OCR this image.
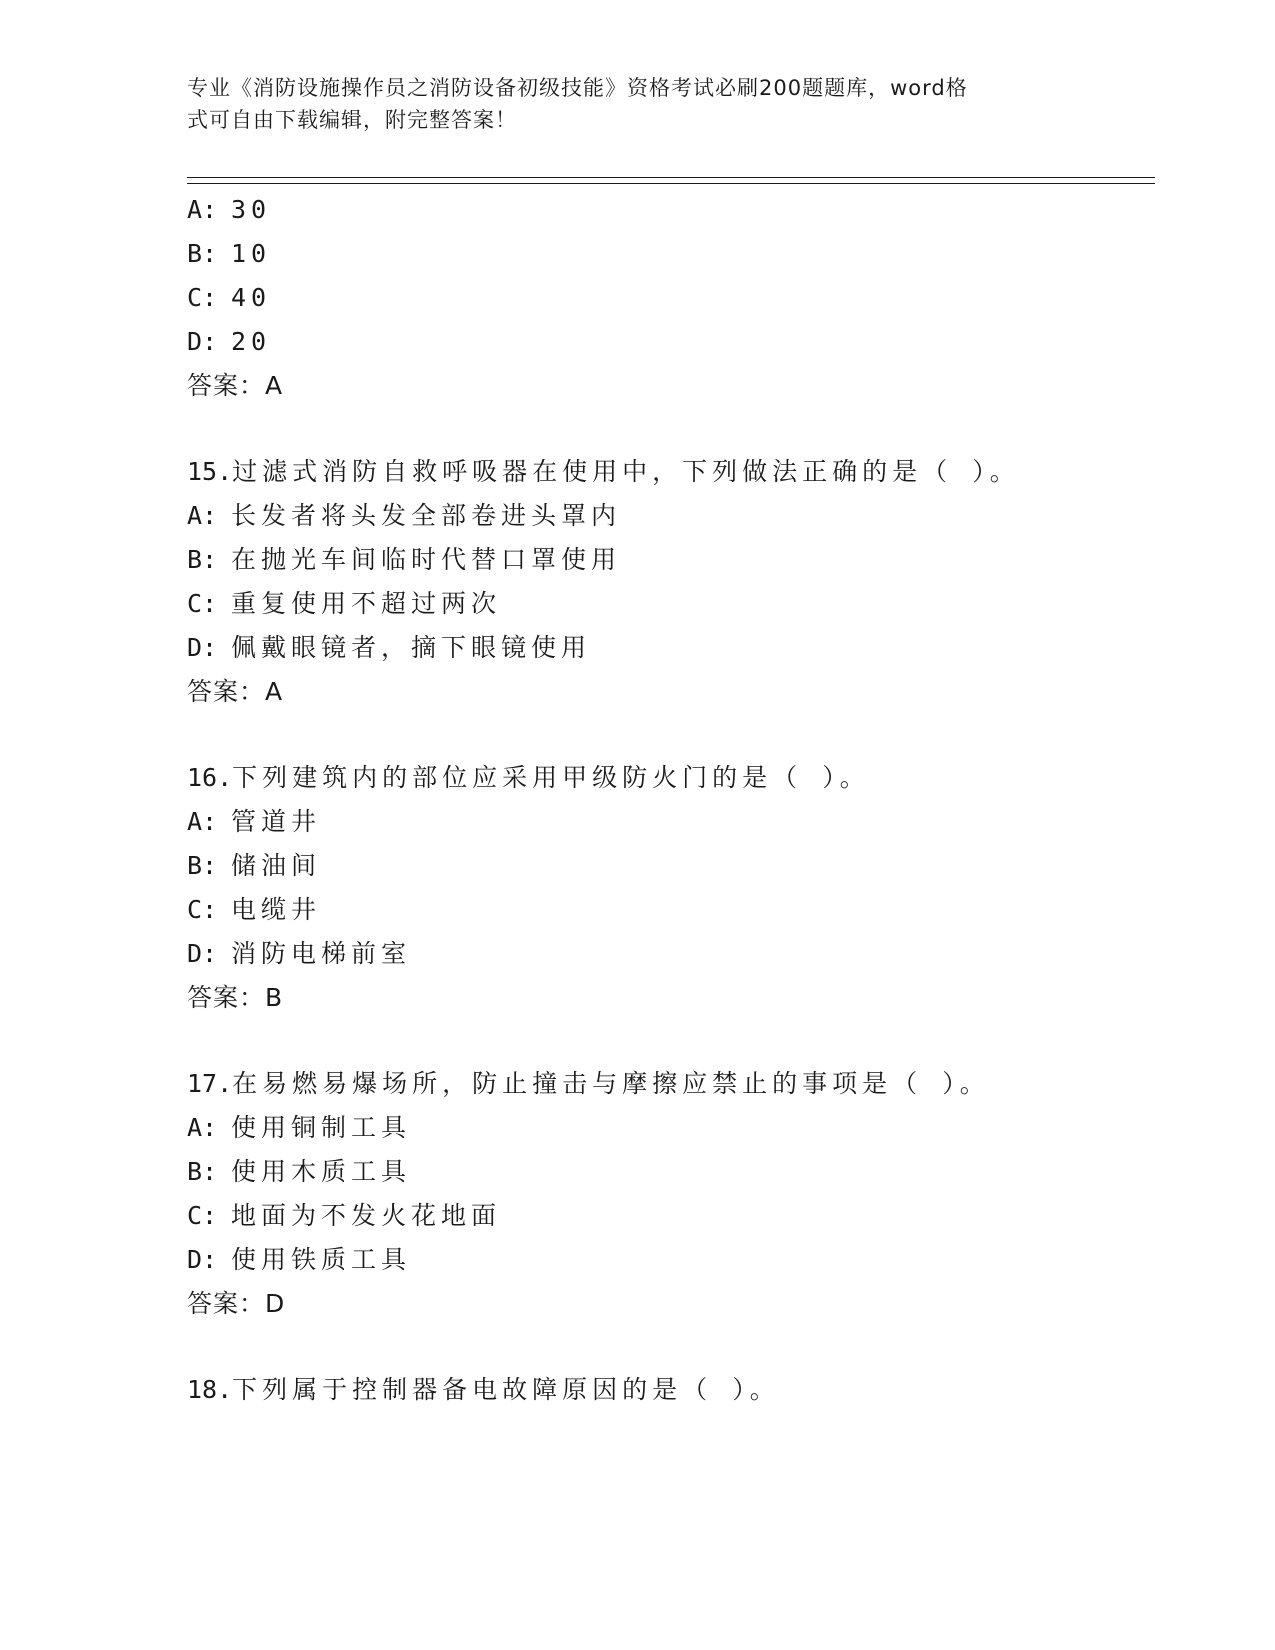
专业《消防设施操作员之消防设备初级技能》资格考试必刷200题题库，word格
式可自由下载编辑，附完整答案！
A: 30
B: 10
C: 40
D: 20
答案：A
15.过滤式消防自救呼吸器在使用中，下列做法正确的是（ ）。
A: 长发者将头发全部卷进头罩内
B: 在抛光车间临时代替口罩使用
C: 重复使用不超过两次
D: 佩戴眼镜者，摘下眼镜使用
答案：A
16.下列建筑内的部位应采用甲级防火门的是（ ）。
A: 管道井
B: 储油间
C: 电缆井
D: 消防电梯前室
答案：B
17.在易燃易爆场所，防止撞击与摩擦应禁止的事项是（ ）。
A: 使用铜制工具
B: 使用木质工具
C: 地面为不发火花地面
D: 使用铁质工具
答案：D
18.下列属于控制器备电故障原因的是（ ）。
